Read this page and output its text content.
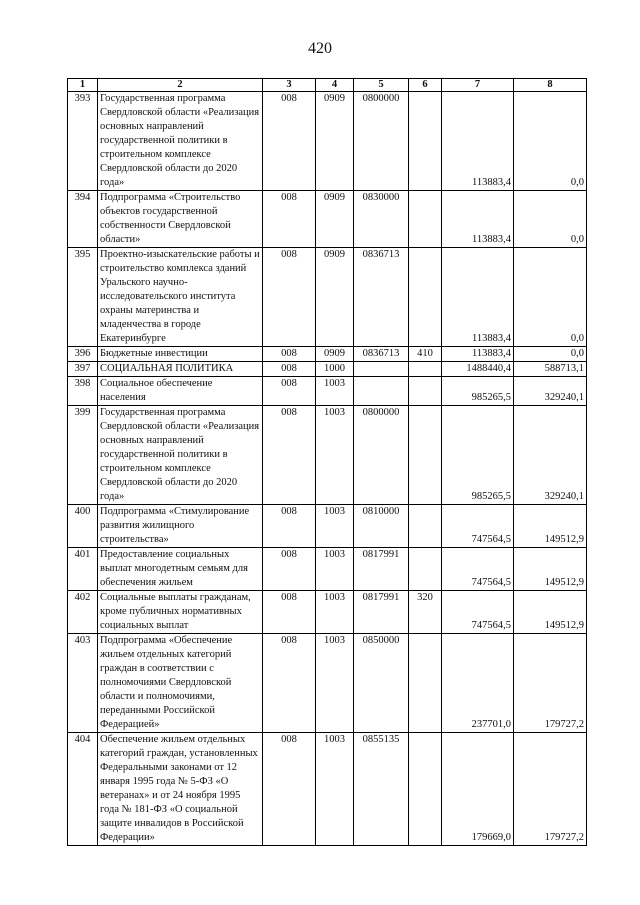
420
1	2	3	4	5	6	7	8
393	Государственная программа Свердловской области «Реализация основных направлений государственной политики в строительном комплексе Свердловской области до 2020 года»	008	0909	0800000		113883,4	0,0
394	Подпрограмма «Строительство объектов государственной собственности Свердловской области»	008	0909	0830000		113883,4	0,0
395	Проектно-изыскательские работы и строительство комплекса зданий Уральского научно-исследовательского института охраны материнства и младенчества в городе Екатеринбурге	008	0909	0836713		113883,4	0,0
396	Бюджетные инвестиции	008	0909	0836713	410	113883,4	0,0
397	СОЦИАЛЬНАЯ ПОЛИТИКА	008	1000			1488440,4	588713,1
398	Социальное обеспечение населения	008	1003			985265,5	329240,1
399	Государственная программа Свердловской области «Реализация основных направлений государственной политики в строительном комплексе Свердловской области до 2020 года»	008	1003	0800000		985265,5	329240,1
400	Подпрограмма «Стимулирование развития жилищного строительства»	008	1003	0810000		747564,5	149512,9
401	Предоставление социальных выплат многодетным семьям для обеспечения жильем	008	1003	0817991		747564,5	149512,9
402	Социальные выплаты гражданам, кроме публичных нормативных социальных выплат	008	1003	0817991	320	747564,5	149512,9
403	Подпрограмма «Обеспечение жильем отдельных категорий граждан в соответствии с полномочиями Свердловской области и полномочиями, переданными Российской Федерацией»	008	1003	0850000		237701,0	179727,2
404	Обеспечение жильем отдельных категорий граждан, установленных Федеральными законами от 12 января 1995 года № 5-ФЗ «О ветеранах» и от 24 ноября 1995 года № 181-ФЗ «О социальной защите инвалидов в Российской Федерации»	008	1003	0855135		179669,0	179727,2
